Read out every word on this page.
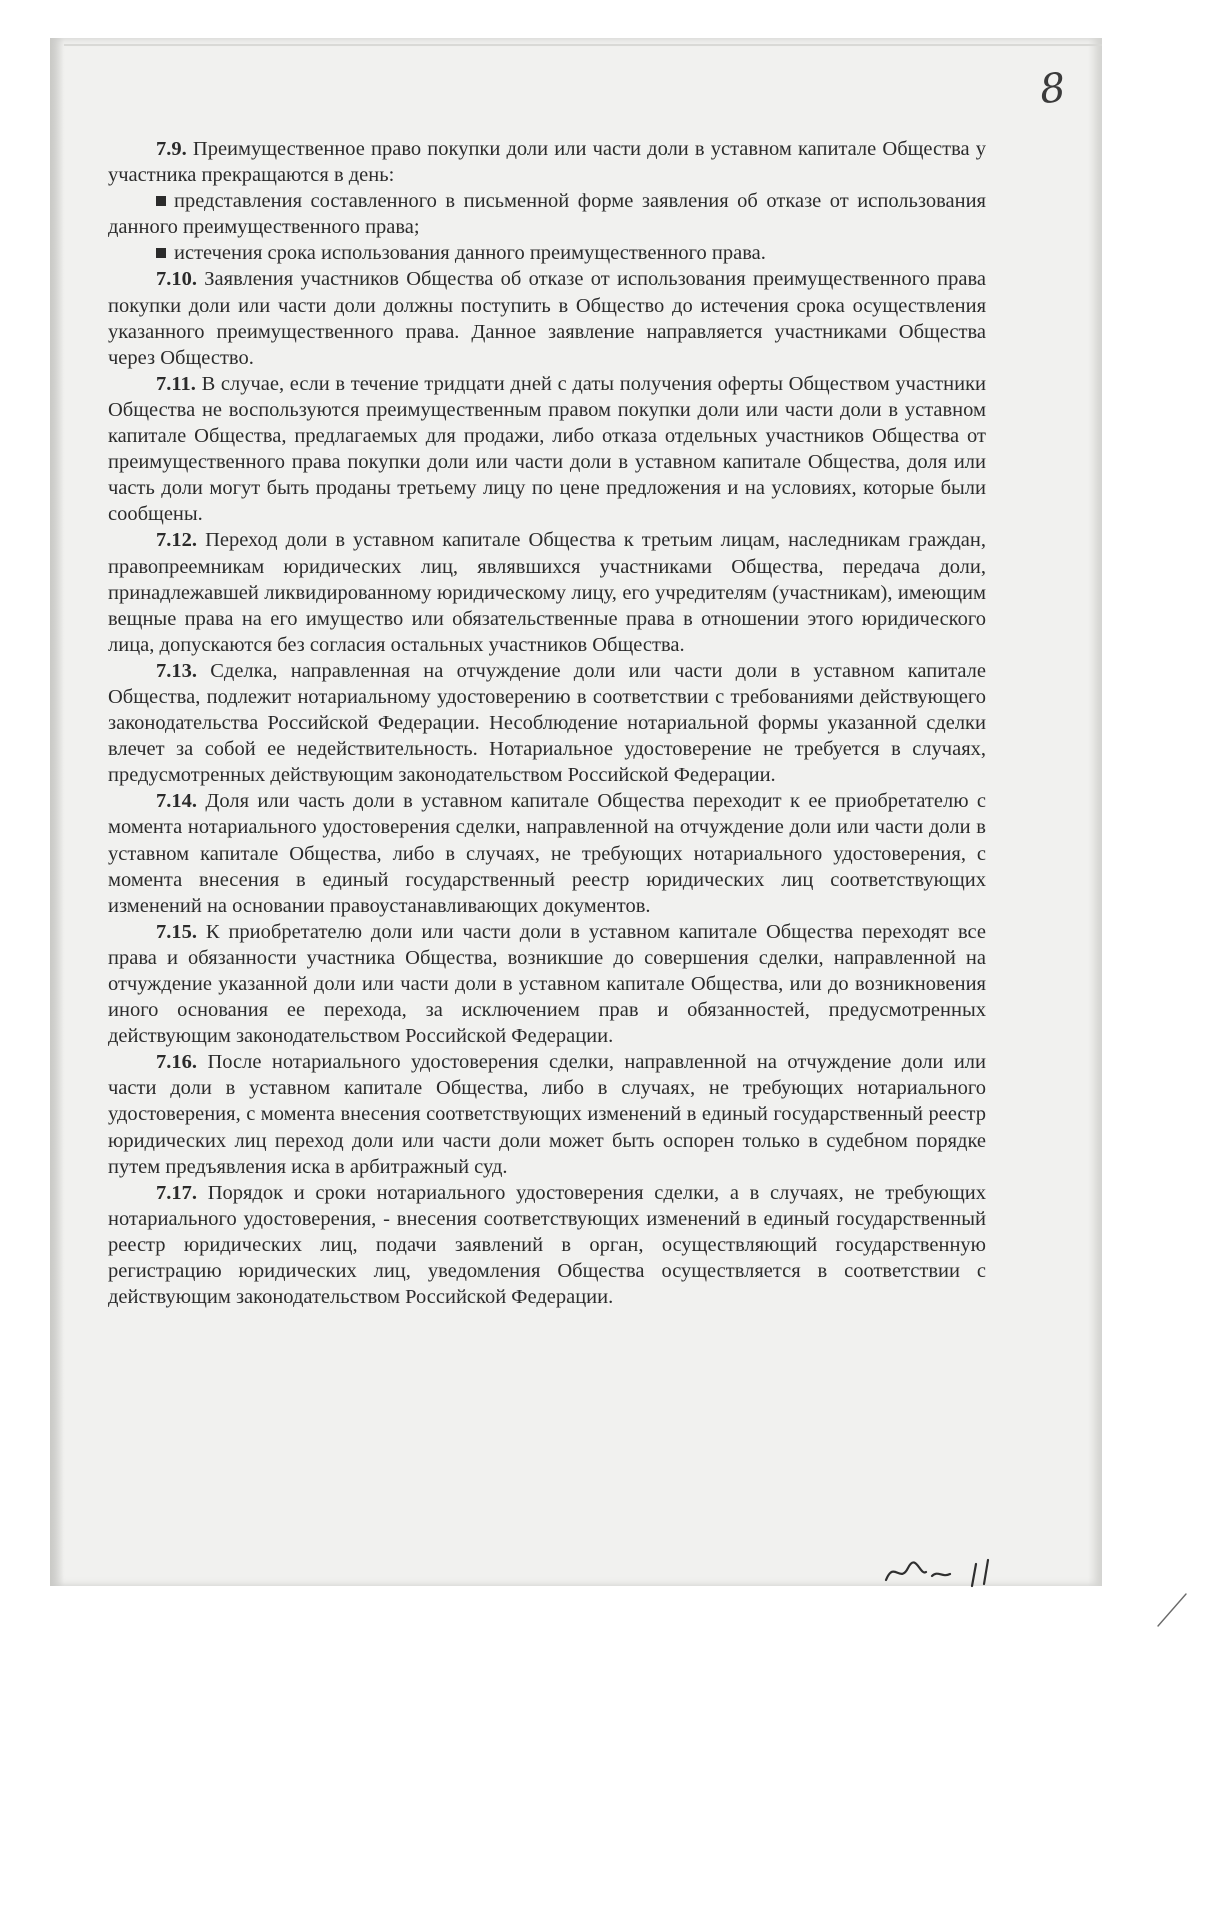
8

7.9. Преимущественное право покупки доли или части доли в уставном капитале Общества у участника прекращаются в день:

представления составленного в письменной форме заявления об отказе от использования данного преимущественного права;

истечения срока использования данного преимущественного права.

7.10. Заявления участников Общества об отказе от использования преимущественного права покупки доли или части доли должны поступить в Общество до истечения срока осуществления указанного преимущественного права. Данное заявление направляется участниками Общества через Общество.

7.11. В случае, если в течение тридцати дней с даты получения оферты Обществом участники Общества не воспользуются преимущественным правом покупки доли или части доли в уставном капитале Общества, предлагаемых для продажи, либо отказа отдельных участников Общества от преимущественного права покупки доли или части доли в уставном капитале Общества, доля или часть доли могут быть проданы третьему лицу по цене предложения и на условиях, которые были сообщены.

7.12. Переход доли в уставном капитале Общества к третьим лицам, наследникам граждан, правопреемникам юридических лиц, являвшихся участниками Общества, передача доли, принадлежавшей ликвидированному юридическому лицу, его учредителям (участникам), имеющим вещные права на его имущество или обязательственные права в отношении этого юридического лица, допускаются без согласия остальных участников Общества.

7.13. Сделка, направленная на отчуждение доли или части доли в уставном капитале Общества, подлежит нотариальному удостоверению в соответствии с требованиями действующего законодательства Российской Федерации. Несоблюдение нотариальной формы указанной сделки влечет за собой ее недействительность. Нотариальное удостоверение не требуется в случаях, предусмотренных действующим законодательством Российской Федерации.

7.14. Доля или часть доли в уставном капитале Общества переходит к ее приобретателю с момента нотариального удостоверения сделки, направленной на отчуждение доли или части доли в уставном капитале Общества, либо в случаях, не требующих нотариального удостоверения, с момента внесения в единый государственный реестр юридических лиц соответствующих изменений на основании правоустанавливающих документов.

7.15. К приобретателю доли или части доли в уставном капитале Общества переходят все права и обязанности участника Общества, возникшие до совершения сделки, направленной на отчуждение указанной доли или части доли в уставном капитале Общества, или до возникновения иного основания ее перехода, за исключением прав и обязанностей, предусмотренных действующим законодательством Российской Федерации.

7.16. После нотариального удостоверения сделки, направленной на отчуждение доли или части доли в уставном капитале Общества, либо в случаях, не требующих нотариального удостоверения, с момента внесения соответствующих изменений в единый государственный реестр юридических лиц переход доли или части доли может быть оспорен только в судебном порядке путем предъявления иска в арбитражный суд.

7.17. Порядок и сроки нотариального удостоверения сделки, а в случаях, не требующих нотариального удостоверения, - внесения соответствующих изменений в единый государственный реестр юридических лиц, подачи заявлений в орган, осуществляющий государственную регистрацию юридических лиц, уведомления Общества осуществляется в соответствии с действующим законодательством Российской Федерации.
